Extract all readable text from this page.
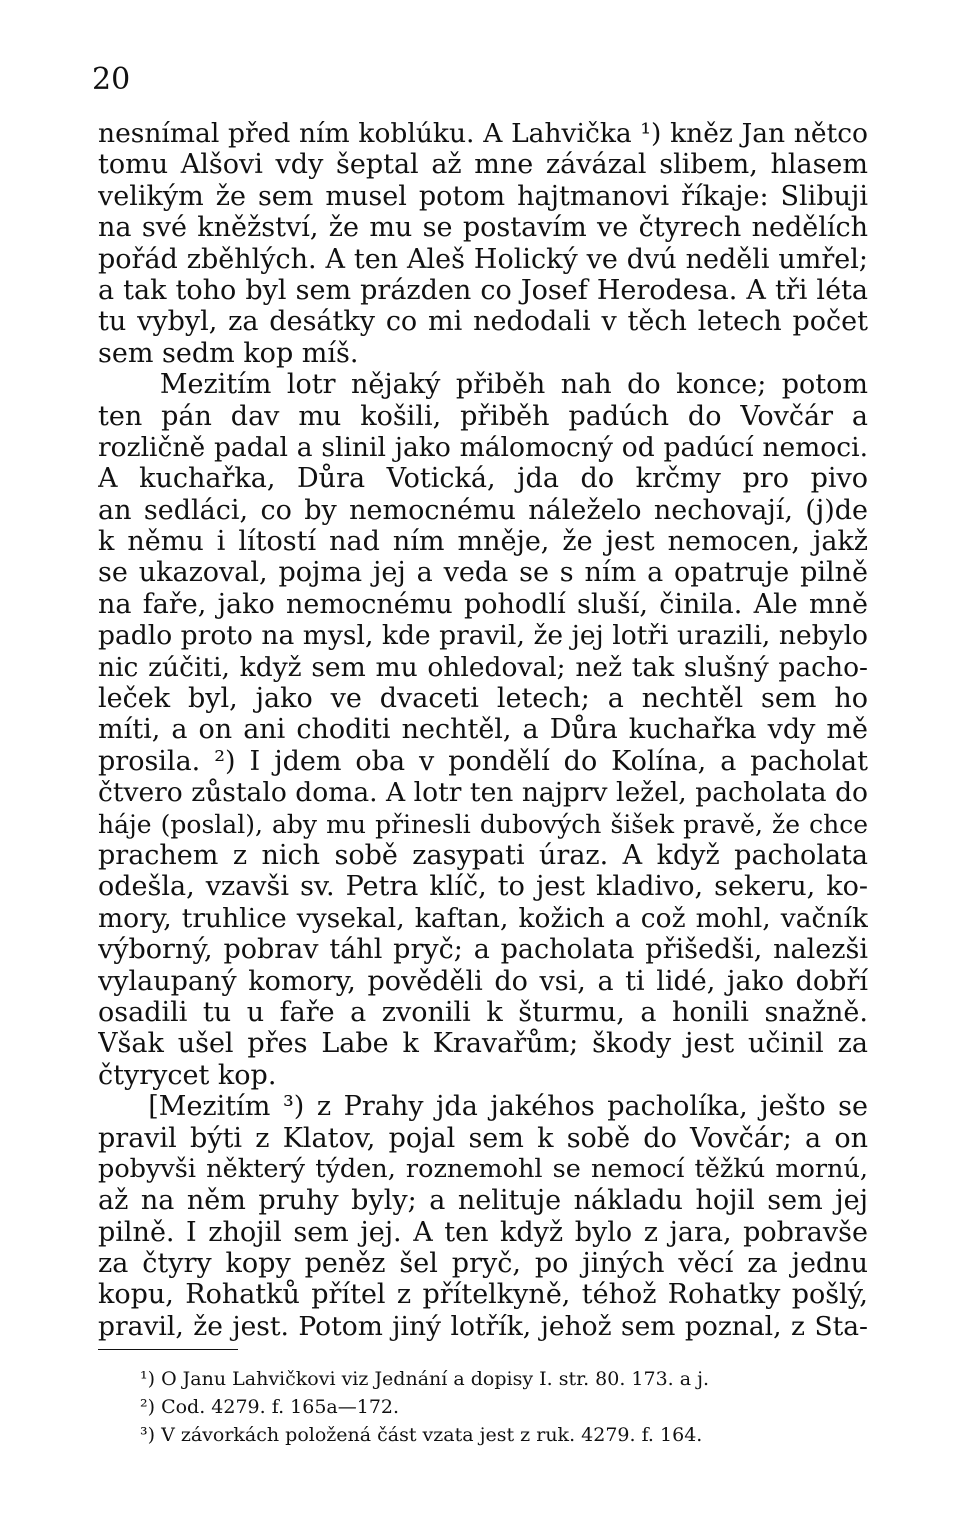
20
nesnímal před ním koblúku. A Lahvička ¹) kněz Jan nětco
tomu Alšovi vdy šeptal až mne závázal slibem, hlasem
velikým že sem musel potom hajtmanovi říkaje: Slibuji
na své kněžství, že mu se postavím ve čtyrech nedělích
pořád zběhlých. A ten Aleš Holický ve dvú neděli umřel;
a tak toho byl sem prázden co Josef Herodesa. A tři léta
tu vybyl, za desátky co mi nedodali v těch letech počet
sem sedm kop míš.
Mezitím lotr nějaký přiběh nah do konce; potom
ten pán dav mu košili, přiběh padúch do Vovčár a
rozličně padal a slinil jako málomocný od padúcí nemoci.
A kuchařka, Důra Votická, jda do krčmy pro pivo
an sedláci, co by nemocnému náleželo nechovají, (j)de
k němu i lítostí nad ním mněje, že jest nemocen, jakž
se ukazoval, pojma jej a veda se s ním a opatruje pilně
na faře, jako nemocnému pohodlí sluší, činila. Ale mně
padlo proto na mysl, kde pravil, že jej lotři urazili, nebylo
nic zúčiti, když sem mu ohledoval; než tak slušný pacho-
leček byl, jako ve dvaceti letech; a nechtěl sem ho
míti, a on ani choditi nechtěl, a Důra kuchařka vdy mě
prosila. ²) I jdem oba v pondělí do Kolína, a pacholat
čtvero zůstalo doma. A lotr ten najprv ležel, pacholata do
háje (poslal), aby mu přinesli dubových šišek pravě, že chce
prachem z nich sobě zasypati úraz. A když pacholata
odešla, vzavši sv. Petra klíč, to jest kladivo, sekeru, ko-
mory, truhlice vysekal, kaftan, kožich a což mohl, vačník
výborný, pobrav táhl pryč; a pacholata přišedši, nalezši
vylaupaný komory, pověděli do vsi, a ti lidé, jako dobří
osadili tu u faře a zvonili k šturmu, a honili snažně.
Však ušel přes Labe k Kravařům; škody jest učinil za
čtyrycet kop.
[Mezitím ³) z Prahy jda jakéhos pacholíka, ješto se
pravil býti z Klatov, pojal sem k sobě do Vovčár; a on
pobyvši některý týden, roznemohl se nemocí těžkú mornú,
až na něm pruhy byly; a nelituje nákladu hojil sem jej
pilně. I zhojil sem jej. A ten když bylo z jara, pobravše
za čtyry kopy peněz šel pryč, po jiných věcí za jednu
kopu, Rohatků přítel z přítelkyně, téhož Rohatky pošlý,
pravil, že jest. Potom jiný lotřík, jehož sem poznal, z Sta-
¹) O Janu Lahvičkovi viz Jednání a dopisy I. str. 80. 173. a j.
²) Cod. 4279. f. 165a—172.
³) V závorkách položená část vzata jest z ruk. 4279. f. 164.
